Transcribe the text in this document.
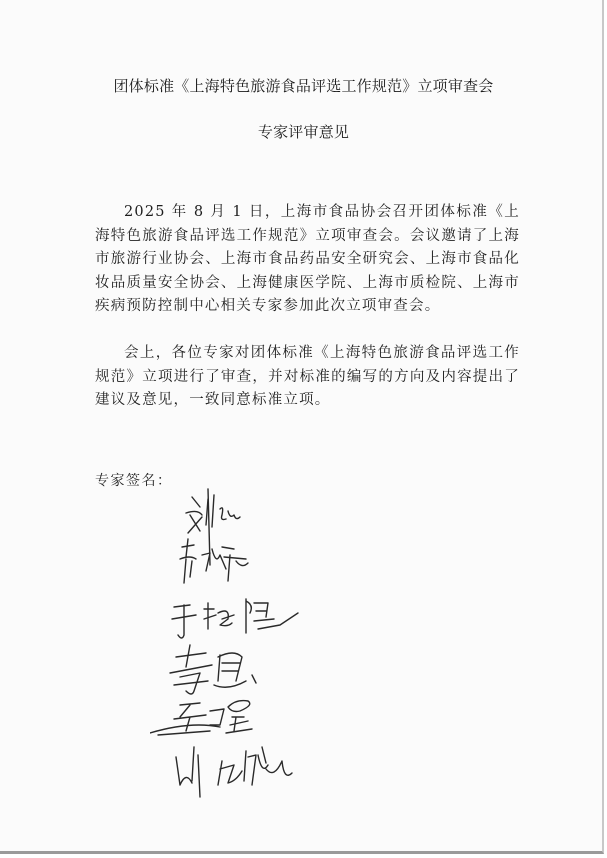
团体标准《上海特色旅游食品评选工作规范》立项审查会
专家评审意见
2025 年 8 月 1 日，上海市食品协会召开团体标准《上海特色旅游食品评选工作规范》立项审查会。会议邀请了上海市旅游行业协会、上海市食品药品安全研究会、上海市食品化妆品质量安全协会、上海健康医学院、上海市质检院、上海市疾病预防控制中心相关专家参加此次立项审查会。
会上，各位专家对团体标准《上海特色旅游食品评选工作规范》立项进行了审查，并对标准的编写的方向及内容提出了建议及意见，一致同意标准立项。
专家签名：
